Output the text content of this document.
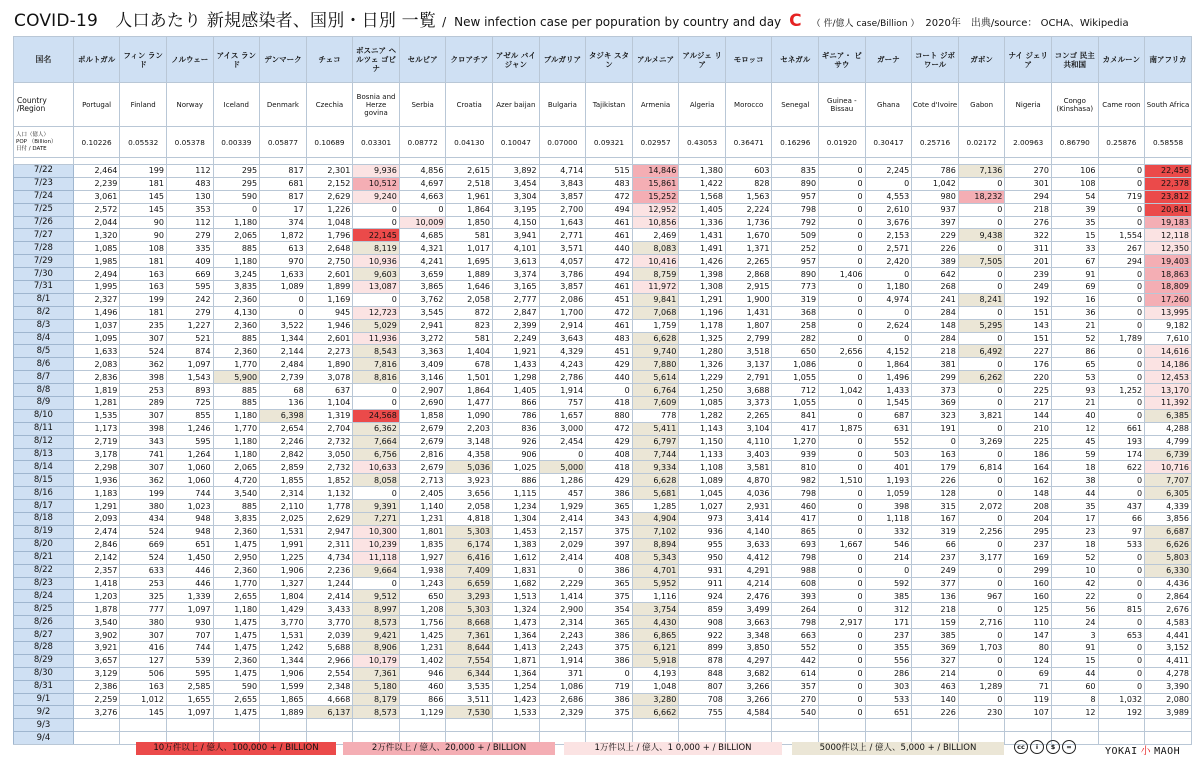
COVID-19　人口あたり 新規感染者、国別・日別 一覧 / New infection case per popuration by country and day C （ 件/億人 case/Billion ） 2020年 出典/source： OCHA、Wikipedia
国名	ポルトガル	フィン ランド	ノルウェー	アイス ランド	デンマーク	チェコ	ボスニア ヘルツェ ゴビナ	セルビア	クロアチア	アゼル バイジャン	ブルガリア	タジキ スタン	アルメニア	アルジェ リア	モロッコ	セネガル	ギニア・ ビサウ	ガーナ	コート ジボワール	ガボン	ナイ ジェリア	コンゴ 民主共和国	カメルーン	南アフリカ
Country /Region	Portugal	Finland	Norway	Iceland	Denmark	Czechia	Bosnia and Herze govina	Serbia	Croatia	Azer baijan	Bulgaria	Tajikistan	Armenia	Algeria	Morocco	Senegal	Guinea -Bissau	Ghana	Cote d'Ivoire	Gabon	Nigeria	Congo (Kinshasa)	Came roon	South Africa

人口（億人）
POP （Billion）
日付 / DATE	0.10226	0.05532	0.05378	0.00339	0.05877	0.10689	0.03301	0.08772	0.04130	0.10047	0.07000	0.09321	0.02957	0.43053	0.36471	0.16296	0.01920	0.30417	0.25716	0.02172	2.00963	0.86790	0.25876	0.58558

7/22	2,464	199	112	295	817	2,301	9,936	4,856	2,615	3,892	4,714	515	14,846	1,380	603	835	0	2,245	786	7,136	270	106	0	22,456
7/23	2,239	181	483	295	681	2,152	10,512	4,697	2,518	3,454	3,843	483	15,861	1,422	828	890	0	0	1,042	0	301	108	0	22,378
7/24	3,061	145	130	590	817	2,629	9,240	4,663	1,961	3,304	3,857	472	15,252	1,568	1,563	957	0	4,553	980	18,232	294	54	719	23,812
7/25	2,572	145	353	0	17	1,226	0	0	1,864	3,195	2,700	494	12,952	1,405	2,224	798	0	2,610	937	0	218	39	0	20,841
7/26	2,044	90	112	1,180	374	1,048	0	10,009	1,850	4,150	1,643	461	10,856	1,336	1,736	792	0	3,676	397	0	276	35	0	19,183
7/27	1,320	90	279	2,065	1,872	1,796	22,145	4,685	581	3,941	2,771	461	2,469	1,431	1,670	509	0	2,153	229	9,438	322	15	1,554	12,118
7/28	1,085	108	335	885	613	2,648	8,119	4,321	1,017	4,101	3,571	440	8,083	1,491	1,371	252	0	2,571	226	0	311	33	267	12,350
7/29	1,985	181	409	1,180	970	2,750	10,936	4,241	1,695	3,613	4,057	472	10,416	1,426	2,265	957	0	2,420	389	7,505	201	67	294	19,403
7/30	2,494	163	669	3,245	1,633	2,601	9,603	3,659	1,889	3,374	3,786	494	8,759	1,398	2,868	890	1,406	0	642	0	239	91	0	18,863
7/31	1,995	163	595	3,835	1,089	1,899	13,087	3,865	1,646	3,165	3,857	461	11,972	1,308	2,915	773	0	1,180	268	0	249	69	0	18,809
8/1	2,327	199	242	2,360	0	1,169	0	3,762	2,058	2,777	2,086	451	9,841	1,291	1,900	319	0	4,974	241	8,241	192	16	0	17,260
8/2	1,496	181	279	4,130	0	945	12,723	3,545	872	2,847	1,700	472	7,068	1,196	1,431	368	0	0	284	0	151	36	0	13,995
8/3	1,037	235	1,227	2,360	3,522	1,946	5,029	2,941	823	2,399	2,914	461	1,759	1,178	1,807	258	0	2,624	148	5,295	143	21	0	9,182
8/4	1,095	307	521	885	1,344	2,601	11,936	3,272	581	2,249	3,643	483	6,628	1,325	2,799	282	0	0	284	0	151	52	1,789	7,610
8/5	1,633	524	874	2,360	2,144	2,273	8,543	3,363	1,404	1,921	4,329	451	9,740	1,280	3,518	650	2,656	4,152	218	6,492	227	86	0	14,616
8/6	2,083	362	1,097	1,770	2,484	1,890	7,816	3,409	678	1,433	4,243	429	7,880	1,326	3,137	1,086	0	1,864	381	0	176	65	0	14,186
8/7	2,836	398	1,543	5,900	2,739	3,078	8,816	3,146	1,501	1,298	2,786	440	5,614	1,229	2,791	1,055	0	1,496	299	6,262	220	53	0	12,453
8/8	1,819	253	893	885	68	637	0	2,907	1,864	1,405	1,914	0	6,764	1,250	3,688	712	1,042	1,433	373	0	225	93	1,252	13,170
8/9	1,281	289	725	885	136	1,104	0	2,690	1,477	866	757	418	7,609	1,085	3,373	1,055	0	1,545	369	0	217	21	0	11,392
8/10	1,535	307	855	1,180	6,398	1,319	24,568	1,858	1,090	786	1,657	880	778	1,282	2,265	841	0	687	323	3,821	144	40	0	6,385
8/11	1,173	398	1,246	1,770	2,654	2,704	6,362	2,679	2,203	836	3,000	472	5,411	1,143	3,104	417	1,875	631	191	0	210	12	661	4,288
8/12	2,719	343	595	1,180	2,246	2,732	7,664	2,679	3,148	926	2,454	429	6,797	1,150	4,110	1,270	0	552	0	3,269	225	45	193	4,799
8/13	3,178	741	1,264	1,180	2,842	3,050	6,756	2,816	4,358	906	0	408	7,744	1,133	3,403	939	0	503	163	0	186	59	174	6,739
8/14	2,298	307	1,060	2,065	2,859	2,732	10,633	2,679	5,036	1,025	5,000	418	9,334	1,108	3,581	810	0	401	179	6,814	164	18	622	10,716
8/15	1,936	362	1,060	4,720	1,855	1,852	8,058	2,713	3,923	886	1,286	429	6,628	1,089	4,870	982	1,510	1,193	226	0	162	38	0	7,707
8/16	1,183	199	744	3,540	2,314	1,132	0	2,405	3,656	1,115	457	386	5,681	1,045	4,036	798	0	1,059	128	0	148	44	0	6,305
8/17	1,291	380	1,023	885	2,110	1,778	9,391	1,140	2,058	1,234	1,929	365	1,285	1,027	2,931	460	0	398	315	2,072	208	35	437	4,339
8/18	2,093	434	948	3,835	2,025	2,629	7,271	1,231	4,818	1,304	2,414	343	4,904	973	3,414	417	0	1,118	167	0	204	17	66	3,856
8/19	2,474	524	948	2,360	1,531	2,947	10,300	1,801	5,303	1,453	2,157	375	7,102	936	4,140	865	0	332	319	2,256	295	23	97	6,687
8/20	2,846	669	651	1,475	1,991	2,311	10,239	1,835	6,174	1,383	2,029	397	8,894	955	3,633	693	1,667	546	66	0	237	18	533	6,626
8/21	2,142	524	1,450	2,950	1,225	4,734	11,118	1,927	6,416	1,612	2,414	408	5,343	950	4,412	798	0	214	237	3,177	169	52	0	5,803
8/22	2,357	633	446	2,360	1,906	2,236	9,664	1,938	7,409	1,831	0	386	4,701	931	4,291	988	0	0	249	0	299	10	0	6,330
8/23	1,418	253	446	1,770	1,327	1,244	0	1,243	6,659	1,682	2,229	365	5,952	911	4,214	608	0	592	377	0	160	42	0	4,436
8/24	1,203	325	1,339	2,655	1,804	2,414	9,512	650	3,293	1,513	1,414	375	1,116	924	2,476	393	0	385	136	967	160	22	0	2,864
8/25	1,878	777	1,097	1,180	1,429	3,433	8,997	1,208	5,303	1,324	2,900	354	3,754	859	3,499	264	0	312	218	0	125	56	815	2,676
8/26	3,540	380	930	1,475	3,770	3,770	8,573	1,756	8,668	1,473	2,314	365	4,430	908	3,663	798	2,917	171	159	2,716	110	24	0	4,583
8/27	3,902	307	707	1,475	1,531	2,039	9,421	1,425	7,361	1,364	2,243	386	6,865	922	3,348	663	0	237	385	0	147	3	653	4,441
8/28	3,921	416	744	1,475	1,242	5,688	8,906	1,231	8,644	1,413	2,243	375	6,121	899	3,850	552	0	355	369	1,703	80	91	0	3,152
8/29	3,657	127	539	2,360	1,344	2,966	10,179	1,402	7,554	1,871	1,914	386	5,918	878	4,297	442	0	556	327	0	124	15	0	4,411
8/30	3,129	506	595	1,475	1,906	2,554	7,361	946	6,344	1,364	371	0	4,193	848	3,682	614	0	286	214	0	69	44	0	4,278
8/31	2,386	163	2,585	590	1,599	2,348	5,180	460	3,535	1,254	1,086	719	1,048	807	3,266	357	0	303	463	1,289	71	60	0	3,390
9/1	2,259	1,012	1,655	2,655	1,865	4,668	8,179	866	3,511	1,423	2,686	386	3,280	708	3,266	270	0	533	140	0	119	8	1,032	2,080
9/2	3,276	145	1,097	1,475	1,889	6,137	8,573	1,129	7,530	1,533	2,329	375	6,662	755	4,584	540	0	651	226	230	107	12	192	3,989
9/3																								
9/4																								
10万件以上 / 億人、100,000 + / BILLION	2万件以上 / 億人、20,000 + / BILLION	1万件以上 / 億人、1 0,000 + / BILLION	5000件以上 / 億人、5,000 + / BILLION	cc	i	$	=	YOKAI 小 MAOH
